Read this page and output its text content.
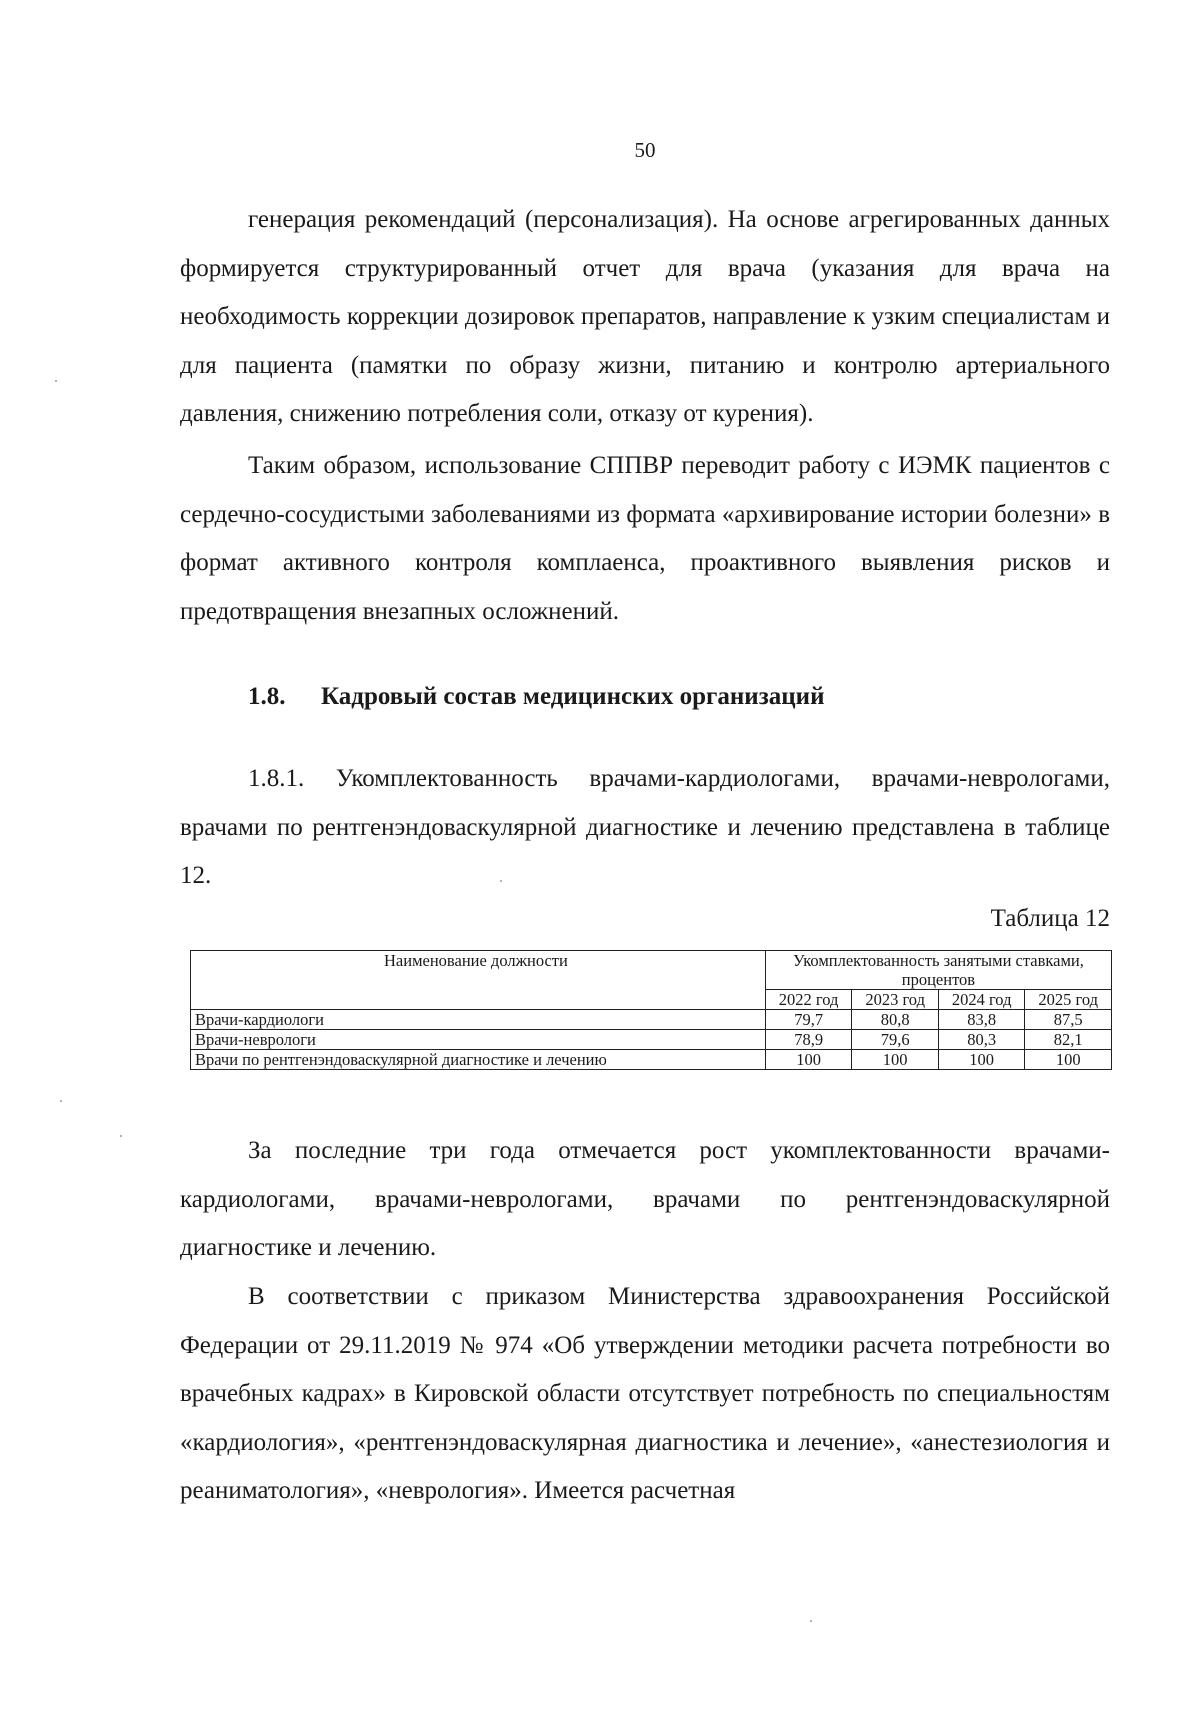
50

генерация рекомендаций (персонализация). На основе агрегированных данных формируется структурированный отчет для врача (указания для врача на необходимость коррекции дозировок препаратов, направление к узким специалистам и для пациента (памятки по образу жизни, питанию и контролю артериального давления, снижению потребления соли, отказу от курения).

Таким образом, использование СППВР переводит работу с ИЭМК пациентов с сердечно-сосудистыми заболеваниями из формата «архивирование истории болезни» в формат активного контроля комплаенса, проактивного выявления рисков и предотвращения внезапных осложнений.

1.8. Кадровый состав медицинских организаций

1.8.1. Укомплектованность врачами-кардиологами, врачами-неврологами, врачами по рентгенэндоваскулярной диагностике и лечению представлена в таблице 12.

Таблица 12
Наименование должности	Укомплектованность занятыми ставками, процентов			
	2022 год	2023 год	2024 год	2025 год
Врачи-кардиологи	79,7	80,8	83,8	87,5
Врачи-неврологи	78,9	79,6	80,3	82,1
Врачи по рентгенэндоваскулярной диагностике и лечению	100	100	100	100

За последние три года отмечается рост укомплектованности врачами-кардиологами, врачами-неврологами, врачами по рентгенэндоваскулярной диагностике и лечению.

В соответствии с приказом Министерства здравоохранения Российской Федерации от 29.11.2019 № 974 «Об утверждении методики расчета потребности во врачебных кадрах» в Кировской области отсутствует потребность по специальностям «кардиология», «рентгенэндоваскулярная диагностика и лечение», «анестезиология и реаниматология», «неврология». Имеется расчетная
